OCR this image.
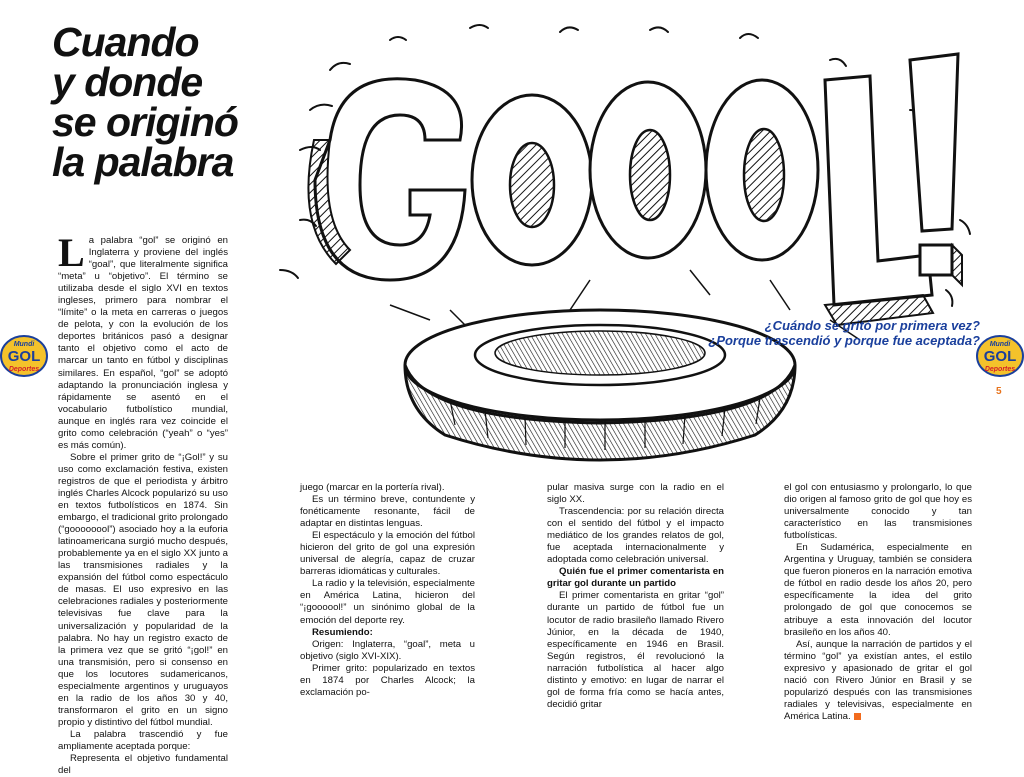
Cuando
y donde
se originó
la palabra
¿Cuándo se gritó por primera vez?
¿Porque trascendió y porque fue aceptada?
Mundi
GOL
Deportes
Mundi
GOL
Deportes
5

La palabra “gol” se originó en Inglaterra y proviene del inglés “goal”, que literalmente significa “meta” u “objetivo”. El término se utilizaba desde el siglo XVI en textos ingleses, primero para nombrar el “límite” o la meta en carreras o juegos de pelota, y con la evolución de los deportes británicos pasó a designar tanto el objetivo como el acto de marcar un tanto en fútbol y disciplinas similares. En español, “gol” se adoptó adaptando la pronunciación inglesa y rápidamente se asentó en el vocabulario futbolístico mundial, aunque en inglés rara vez coincide el grito como celebración (“yeah” o “yes” es más común).

Sobre el primer grito de “¡Gol!” y su uso como exclamación festiva, existen registros de que el periodista y árbitro inglés Charles Alcock popularizó su uso en textos futbolísticos en 1874. Sin embargo, el tradicional grito prolongado (“goooooool”) asociado hoy a la euforia latinoamericana surgió mucho después, probablemente ya en el siglo XX junto a las transmisiones radiales y la expansión del fútbol como espectáculo de masas. El uso expresivo en las celebraciones radiales y posteriormente televisivas fue clave para la universalización y popularidad de la palabra. No hay un registro exacto de la primera vez que se gritó “¡gol!” en una transmisión, pero si consenso en que los locutores sudamericanos, especialmente argentinos y uruguayos en la radio de los años 30 y 40, transformaron el grito en un signo propio y distintivo del fútbol mundial.

La palabra trascendió y fue ampliamente aceptada porque:

Representa el objetivo fundamental del

juego (marcar en la portería rival).

Es un término breve, contundente y fonéticamente resonante, fácil de adaptar en distintas lenguas.

El espectáculo y la emoción del fútbol hicieron del grito de gol una expresión universal de alegría, capaz de cruzar barreras idiomáticas y culturales.

La radio y la televisión, especialmente en América Latina, hicieron del “¡goooool!” un sinónimo global de la emoción del deporte rey.

Resumiendo:

Origen: Inglaterra, “goal”, meta u objetivo (siglo XVI-XIX).

Primer grito: popularizado en textos en 1874 por Charles Alcock; la exclamación po-

pular masiva surge con la radio en el siglo XX.

Trascendencia: por su relación directa con el sentido del fútbol y el impacto mediático de los grandes relatos de gol, fue aceptada internacionalmente y adoptada como celebración universal.

Quién fue el primer comentarista en gritar gol durante un partido

El primer comentarista en gritar “gol” durante un partido de fútbol fue un locutor de radio brasileño llamado Rivero Júnior, en la década de 1940, específicamente en 1946 en Brasil. Según registros, él revolucionó la narración futbolística al hacer algo distinto y emotivo: en lugar de narrar el gol de forma fría como se hacía antes, decidió gritar

el gol con entusiasmo y prolongarlo, lo que dio origen al famoso grito de gol que hoy es universalmente conocido y tan característico en las transmisiones futbolísticas.

En Sudamérica, especialmente en Argentina y Uruguay, también se considera que fueron pioneros en la narración emotiva de fútbol en radio desde los años 20, pero específicamente la idea del grito prolongado de gol que conocemos se atribuye a esta innovación del locutor brasileño en los años 40.

Así, aunque la narración de partidos y el término “gol” ya existían antes, el estilo expresivo y apasionado de gritar el gol nació con Rivero Júnior en Brasil y se popularizó después con las transmisiones radiales y televisivas, especialmente en América Latina.
